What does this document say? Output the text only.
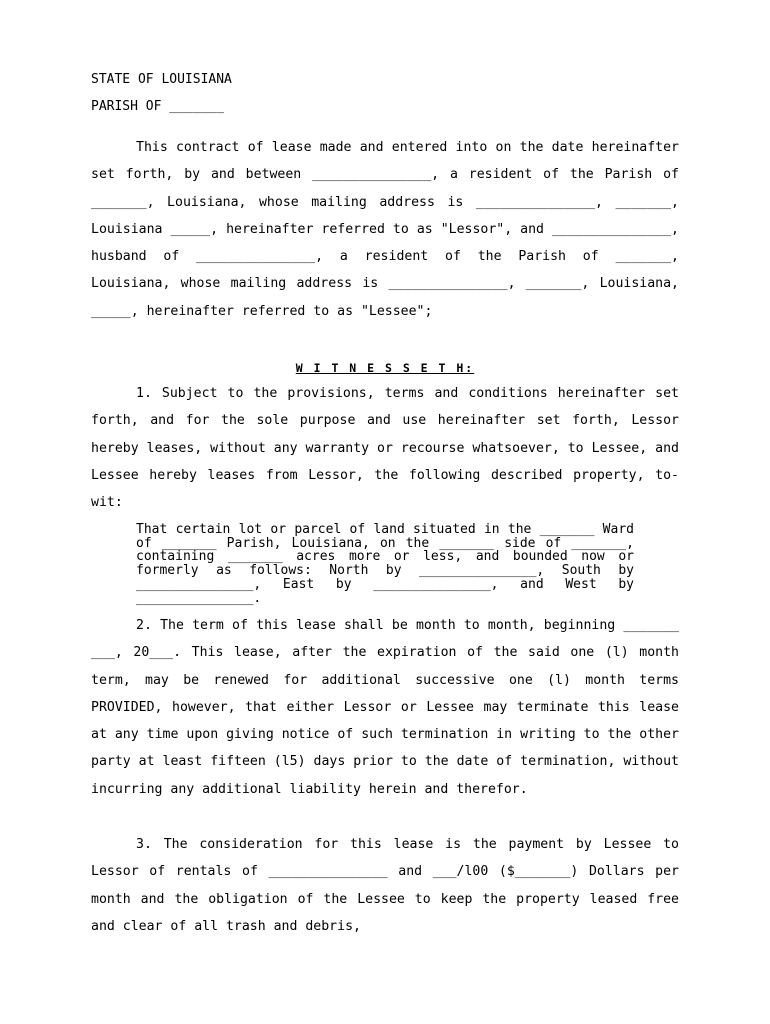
STATE OF LOUISIANA

PARISH OF _______

This contract of lease made and entered into on the date hereinafter set forth, by and between _______________, a resident of the Parish of _______, Louisiana, whose mailing address is _______________, _______, Louisiana _____, hereinafter referred to as "Lessor", and _______________, husband of _______________, a resident of the Parish of _______, Louisiana, whose mailing address is _______________, _______, Louisiana, _____, hereinafter referred to as "Lessee";

W I T N E S S E T H:

1. Subject to the provisions, terms and conditions hereinafter set forth, and for the sole purpose and use hereinafter set forth, Lessor hereby leases, without any warranty or recourse whatsoever, to Lessee, and Lessee hereby leases from Lessor, the following described property, to-wit:

That certain lot or parcel of land situated in the _______ Ward of _______ Parish, Louisiana, on the _______ side of _______, containing _______ acres more or less, and bounded now or formerly as follows: North by _______________, South by _______________, East by _______________, and West by _______________.

2. The term of this lease shall be month to month, beginning _______ ___, 20___. This lease, after the expiration of the said one (l) month term, may be renewed for additional successive one (l) month terms PROVIDED, however, that either Lessor or Lessee may terminate this lease at any time upon giving notice of such termination in writing to the other party at least fifteen (l5) days prior to the date of termination, without incurring any additional liability herein and therefor.

3. The consideration for this lease is the payment by Lessee to Lessor of rentals of _______________ and ___/l00 ($_______) Dollars per month and the obligation of the Lessee to keep the property leased free and clear of all trash and debris,
